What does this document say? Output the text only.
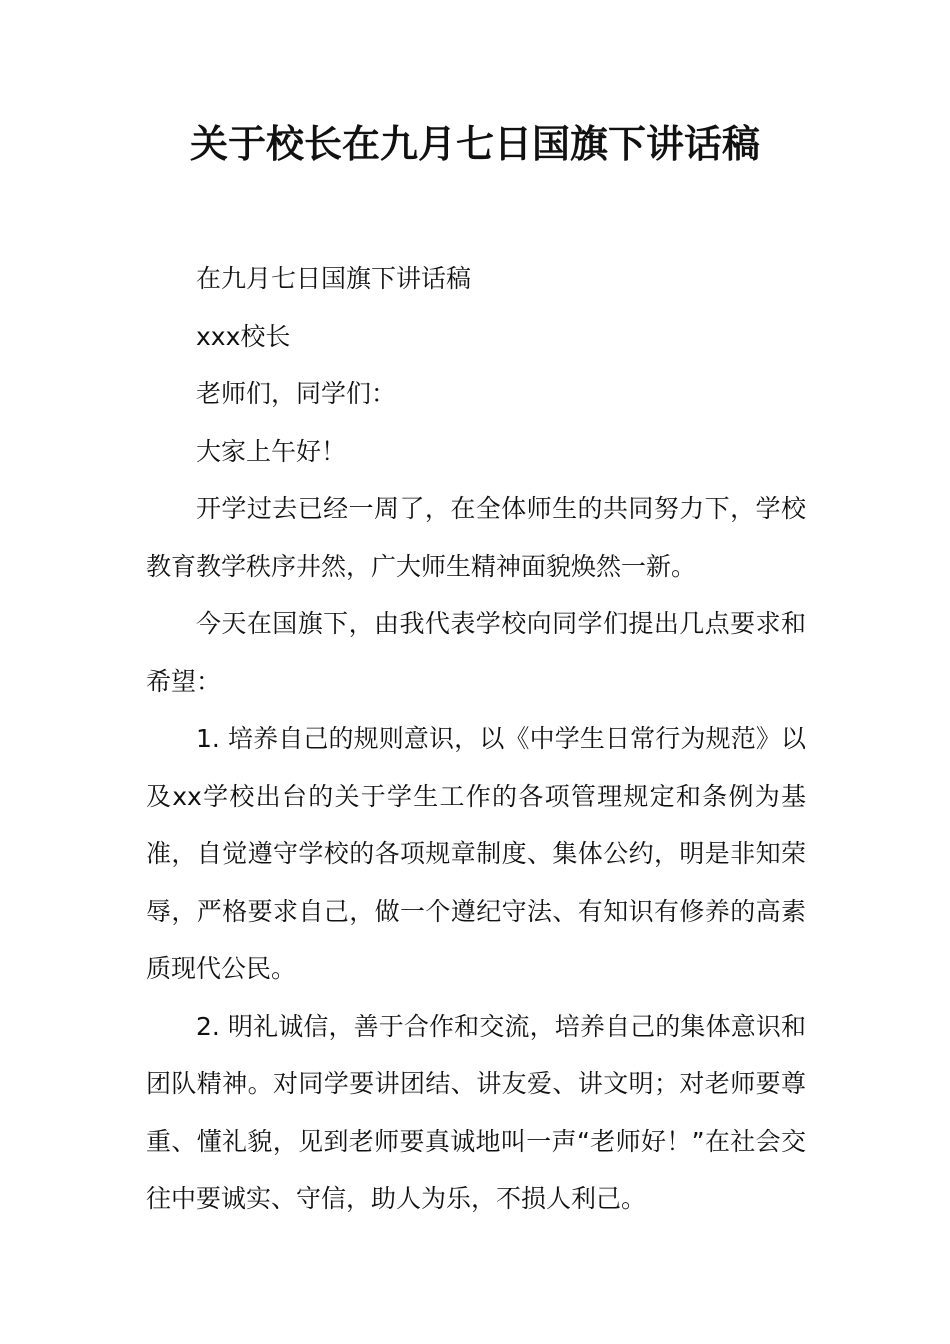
关于校长在九月七日国旗下讲话稿

在九月七日国旗下讲话稿

xxx校长

老师们，同学们：

大家上午好！

开学过去已经一周了，在全体师生的共同努力下，学校教育教学秩序井然，广大师生精神面貌焕然一新。

今天在国旗下，由我代表学校向同学们提出几点要求和希望：

1. 培养自己的规则意识，以《中学生日常行为规范》以及xx学校出台的关于学生工作的各项管理规定和条例为基准，自觉遵守学校的各项规章制度、集体公约，明是非知荣辱，严格要求自己，做一个遵纪守法、有知识有修养的高素质现代公民。

2. 明礼诚信，善于合作和交流，培养自己的集体意识和团队精神。对同学要讲团结、讲友爱、讲文明；对老师要尊重、懂礼貌，见到老师要真诚地叫一声“老师好！”在社会交往中要诚实、守信，助人为乐，不损人利己。
